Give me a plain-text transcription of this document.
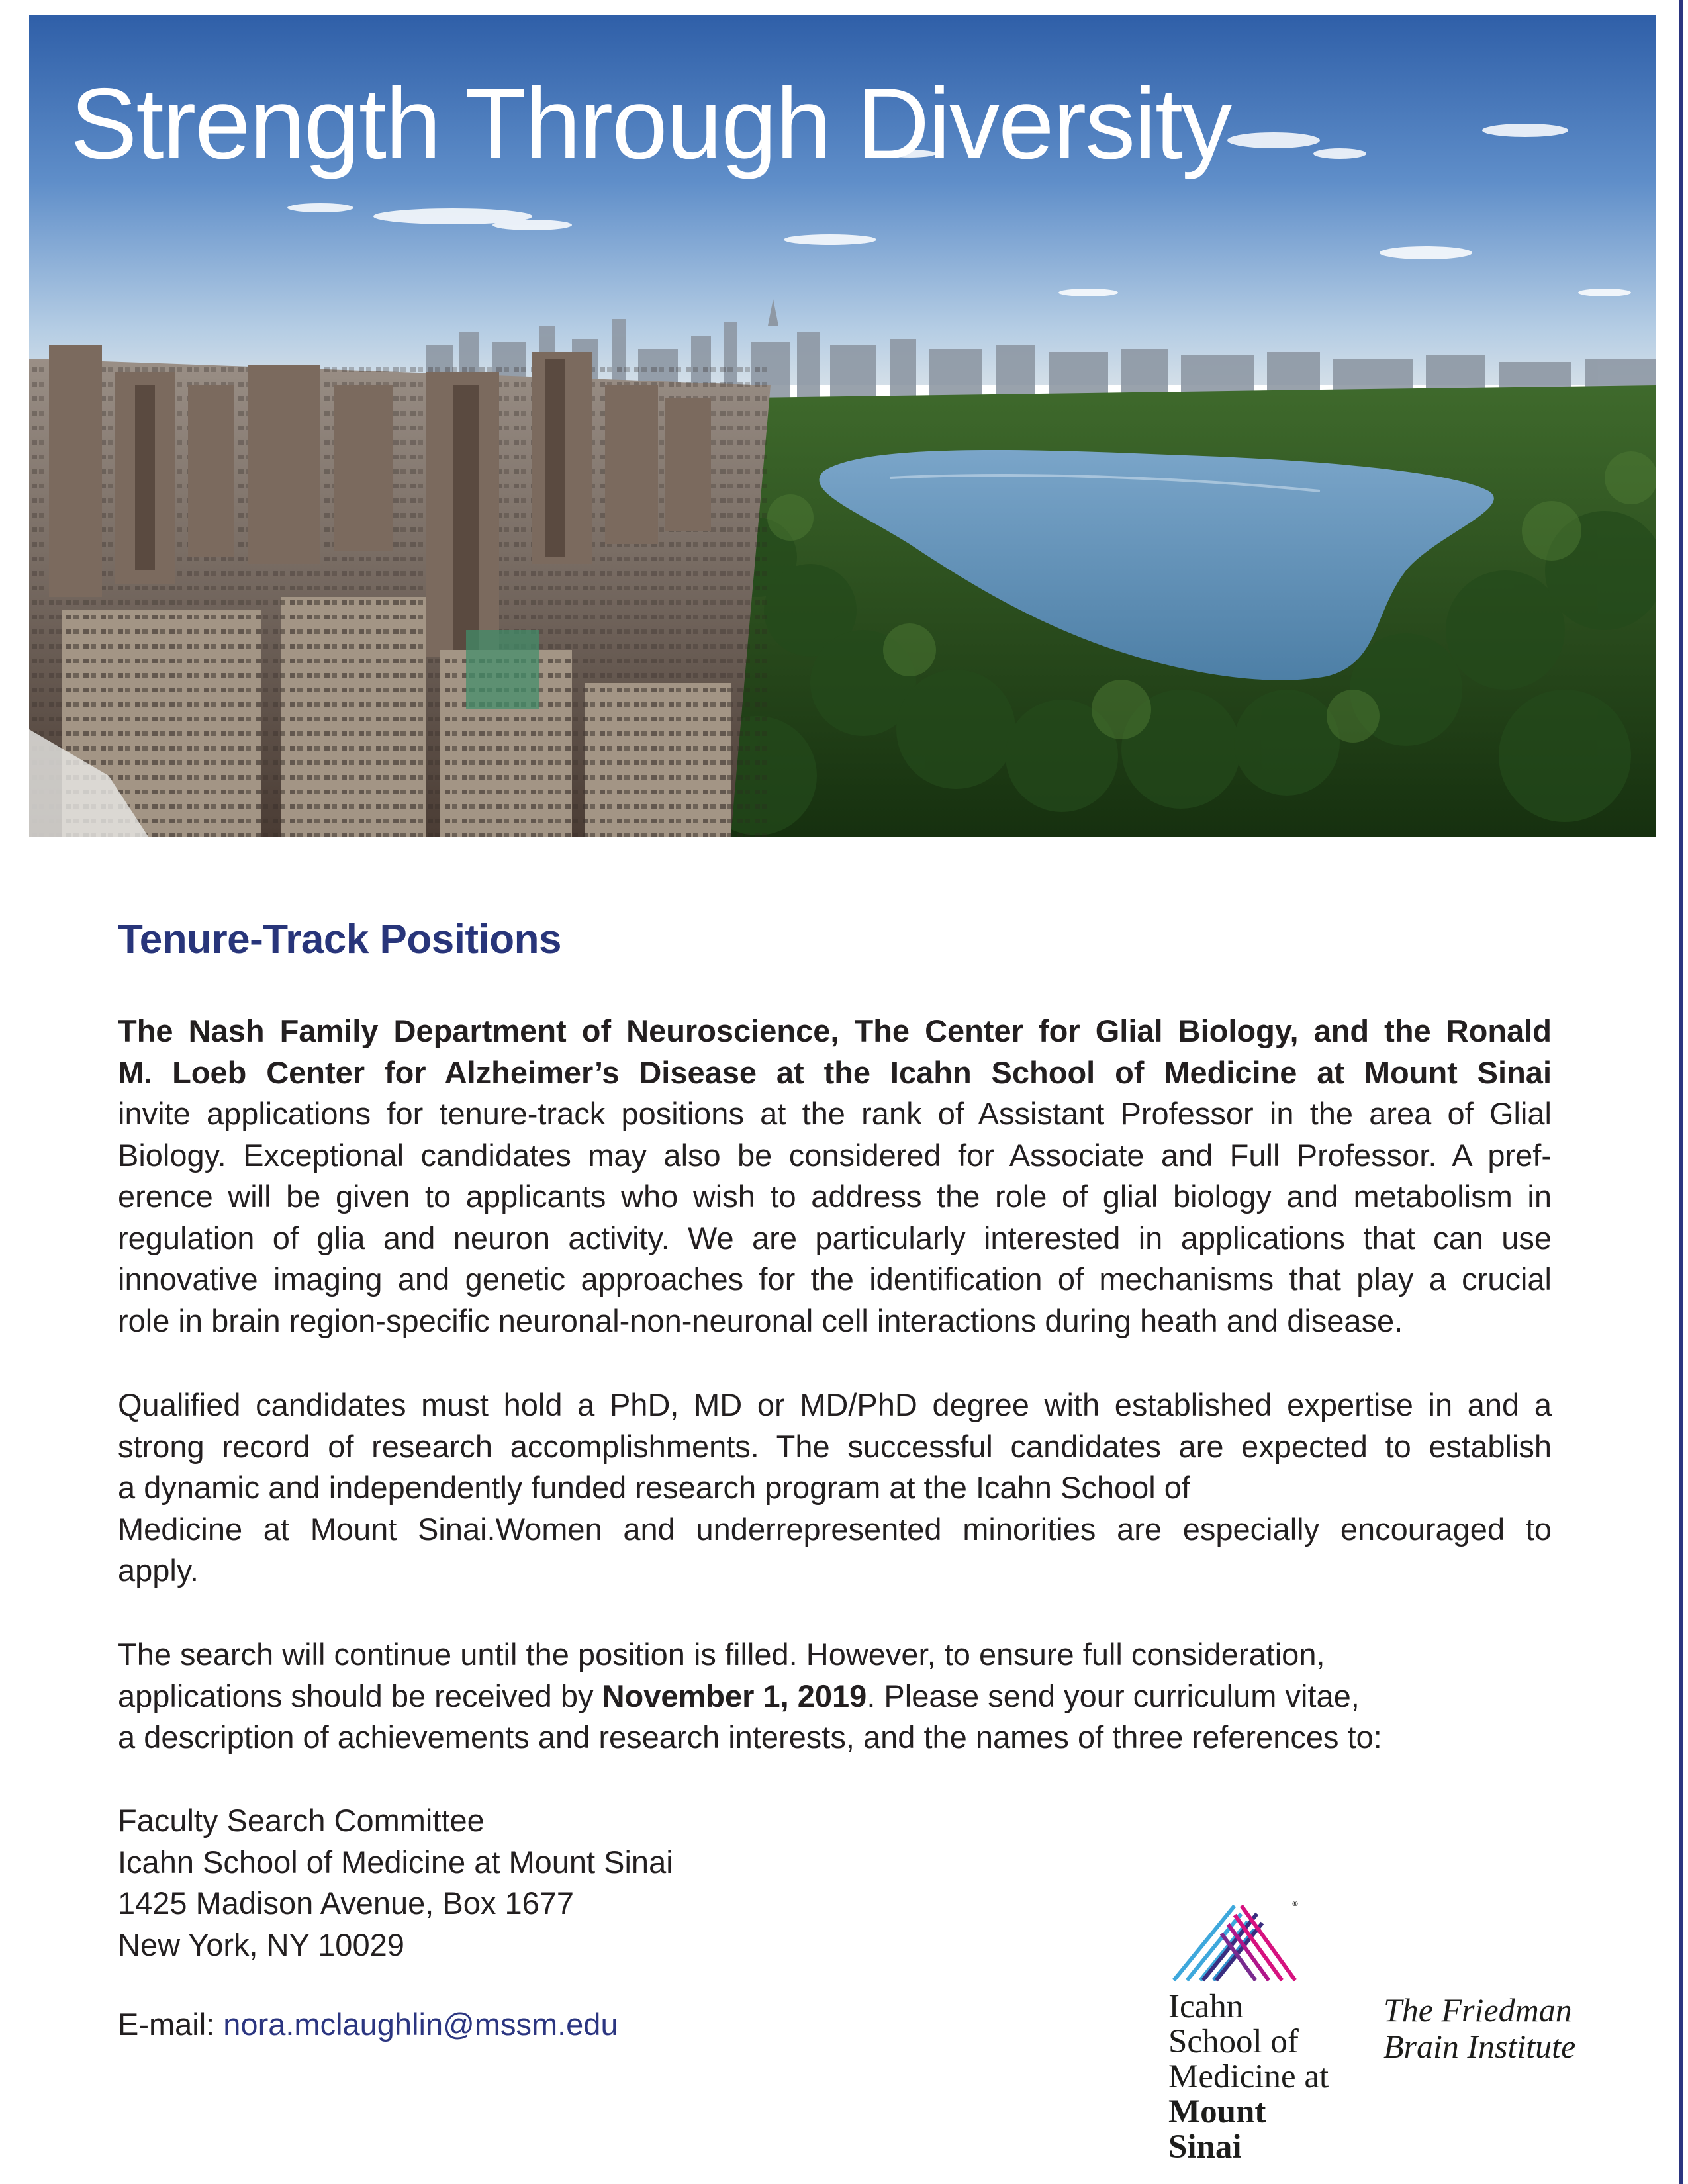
Strength Through Diversity
Tenure-Track Positions
The Nash Family Department of Neuroscience, The Center for Glial Biology, and the Ronald
M. Loeb Center for Alzheimer’s Disease at the Icahn School of Medicine at Mount Sinai
invite applications for tenure-track positions at the rank of Assistant Professor in the area of Glial
Biology. Exceptional candidates may also be considered for Associate and Full Professor. A pref-
erence will be given to applicants who wish to address the role of glial biology and metabolism in
regulation of glia and neuron activity. We are particularly interested in applications that can use
innovative imaging and genetic approaches for the identification of mechanisms that play a crucial
role in brain region-specific neuronal-non-neuronal cell interactions during heath and disease.
Qualified candidates must hold a PhD, MD or MD/PhD degree with established expertise in and a
strong record of research accomplishments. The successful candidates are expected to establish
a dynamic and independently funded research program at the Icahn School of
Medicine at Mount Sinai.Women and underrepresented minorities are especially encouraged to
apply.
The search will continue until the position is filled. However, to ensure full consideration,
applications should be received by November 1, 2019. Please send your curriculum vitae,
a description of achievements and research interests, and the names of three references to:
Faculty Search Committee
Icahn School of Medicine at Mount Sinai
1425 Madison Avenue, Box 1677
New York, NY 10029

E-mail: nora.mclaughlin@mssm.edu

®
Icahn
School of
Medicine at
Mount
Sinai
The Friedman
Brain Institute
